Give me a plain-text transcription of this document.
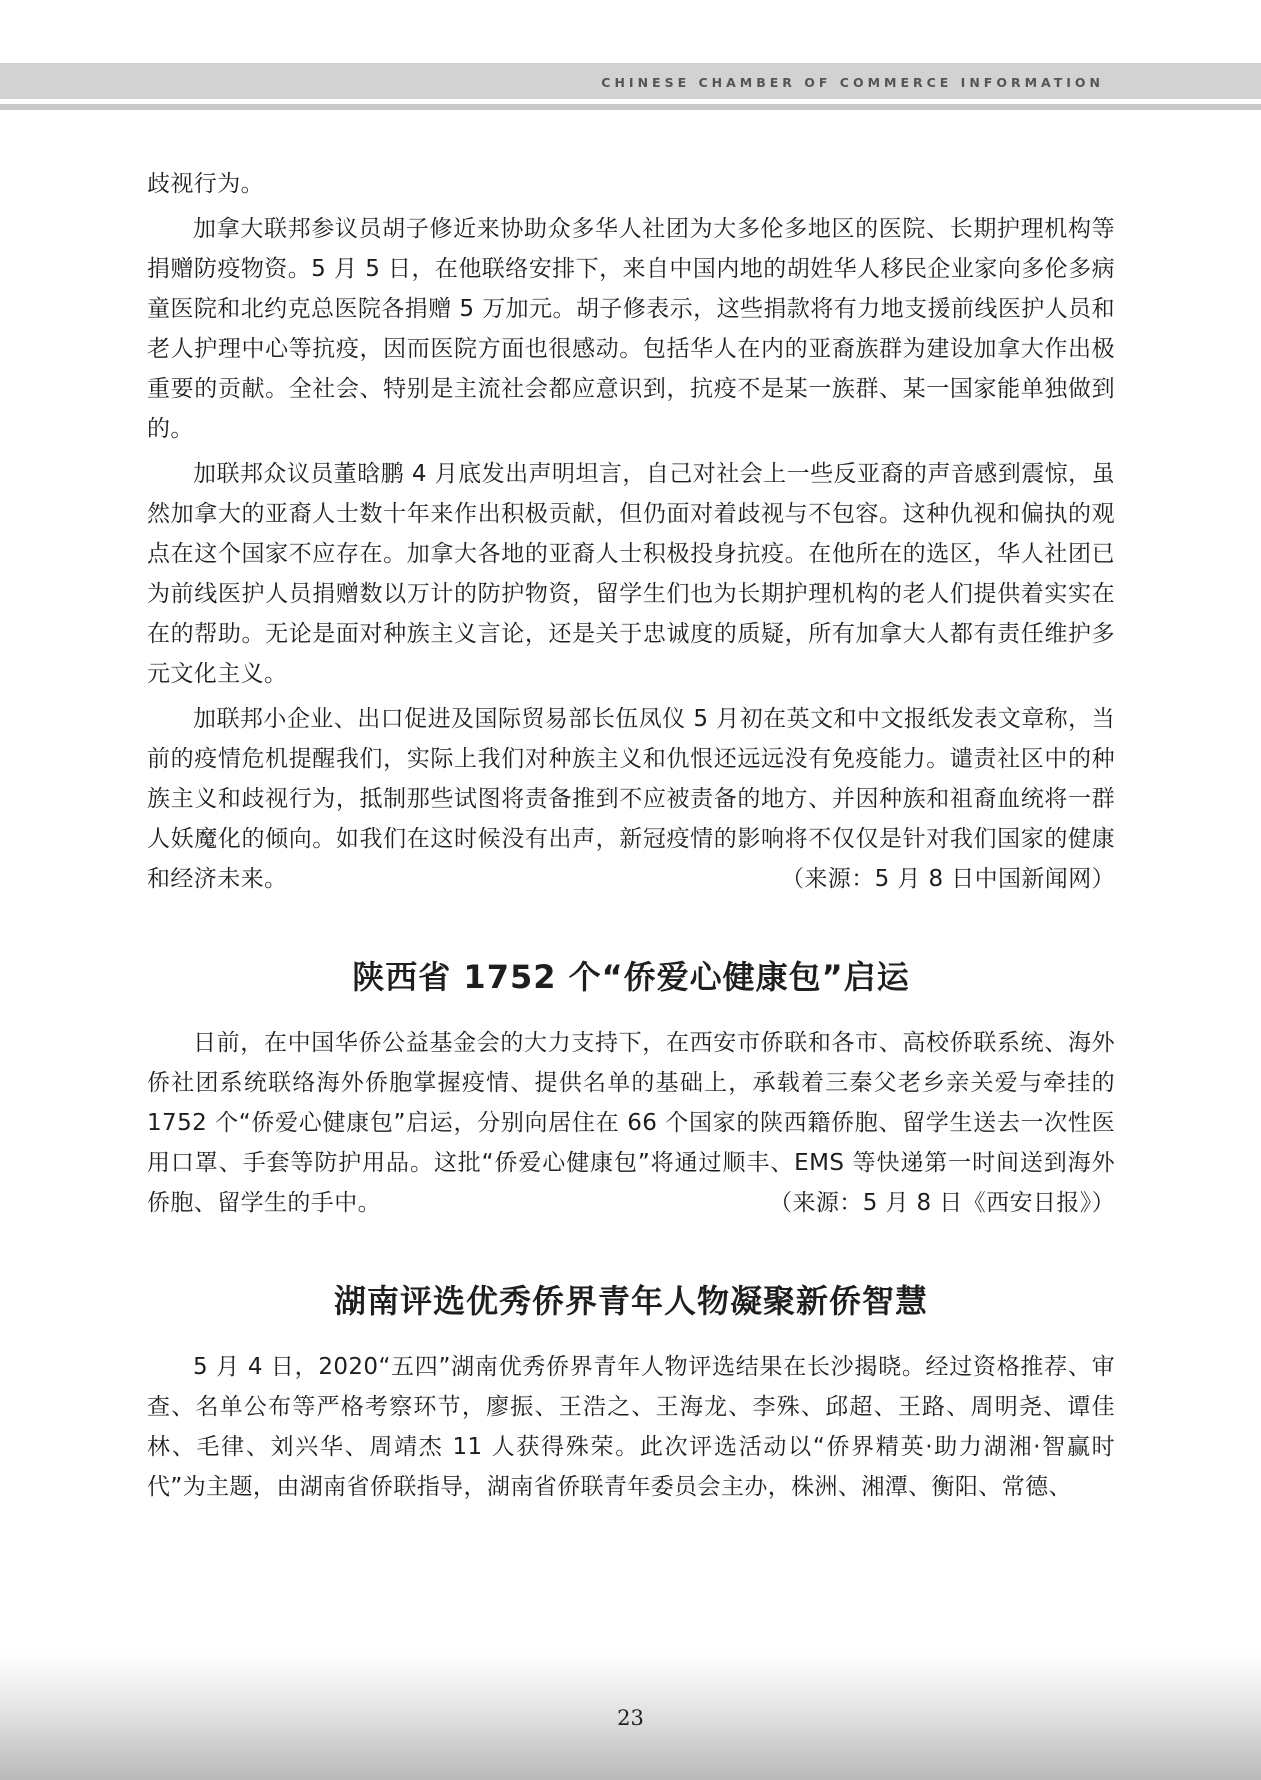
CHINESE CHAMBER OF COMMERCE INFORMATION

歧视行为。

加拿大联邦参议员胡子修近来协助众多华人社团为大多伦多地区的医院、长期护理机构等捐赠防疫物资。5 月 5 日，在他联络安排下，来自中国内地的胡姓华人移民企业家向多伦多病童医院和北约克总医院各捐赠 5 万加元。胡子修表示，这些捐款将有力地支援前线医护人员和老人护理中心等抗疫，因而医院方面也很感动。包括华人在内的亚裔族群为建设加拿大作出极重要的贡献。全社会、特别是主流社会都应意识到，抗疫不是某一族群、某一国家能单独做到的。

加联邦众议员董晗鹏 4 月底发出声明坦言，自己对社会上一些反亚裔的声音感到震惊，虽然加拿大的亚裔人士数十年来作出积极贡献，但仍面对着歧视与不包容。这种仇视和偏执的观点在这个国家不应存在。加拿大各地的亚裔人士积极投身抗疫。在他所在的选区，华人社团已为前线医护人员捐赠数以万计的防护物资，留学生们也为长期护理机构的老人们提供着实实在在的帮助。无论是面对种族主义言论，还是关于忠诚度的质疑，所有加拿大人都有责任维护多元文化主义。

加联邦小企业、出口促进及国际贸易部长伍凤仪 5 月初在英文和中文报纸发表文章称，当前的疫情危机提醒我们，实际上我们对种族主义和仇恨还远远没有免疫能力。谴责社区中的种族主义和歧视行为，抵制那些试图将责备推到不应被责备的地方、并因种族和祖裔血统将一群人妖魔化的倾向。如我们在这时候没有出声，新冠疫情的影响将不仅仅是针对我们国家的健康和经济未来。	（来源：5 月 8 日中国新闻网）

陕西省 1752 个“侨爱心健康包”启运

日前，在中国华侨公益基金会的大力支持下，在西安市侨联和各市、高校侨联系统、海外侨社团系统联络海外侨胞掌握疫情、提供名单的基础上，承载着三秦父老乡亲关爱与牵挂的 1752 个“侨爱心健康包”启运，分别向居住在 66 个国家的陕西籍侨胞、留学生送去一次性医用口罩、手套等防护用品。这批“侨爱心健康包”将通过顺丰、EMS 等快递第一时间送到海外侨胞、留学生的手中。	（来源：5 月 8 日《西安日报》）

湖南评选优秀侨界青年人物凝聚新侨智慧

5 月 4 日，2020“五四”湖南优秀侨界青年人物评选结果在长沙揭晓。经过资格推荐、审查、名单公布等严格考察环节，廖振、王浩之、王海龙、李殊、邱超、王路、周明尧、谭佳林、毛律、刘兴华、周靖杰 11 人获得殊荣。此次评选活动以“侨界精英·助力湖湘·智赢时代”为主题，由湖南省侨联指导，湖南省侨联青年委员会主办，株洲、湘潭、衡阳、常德、

23
